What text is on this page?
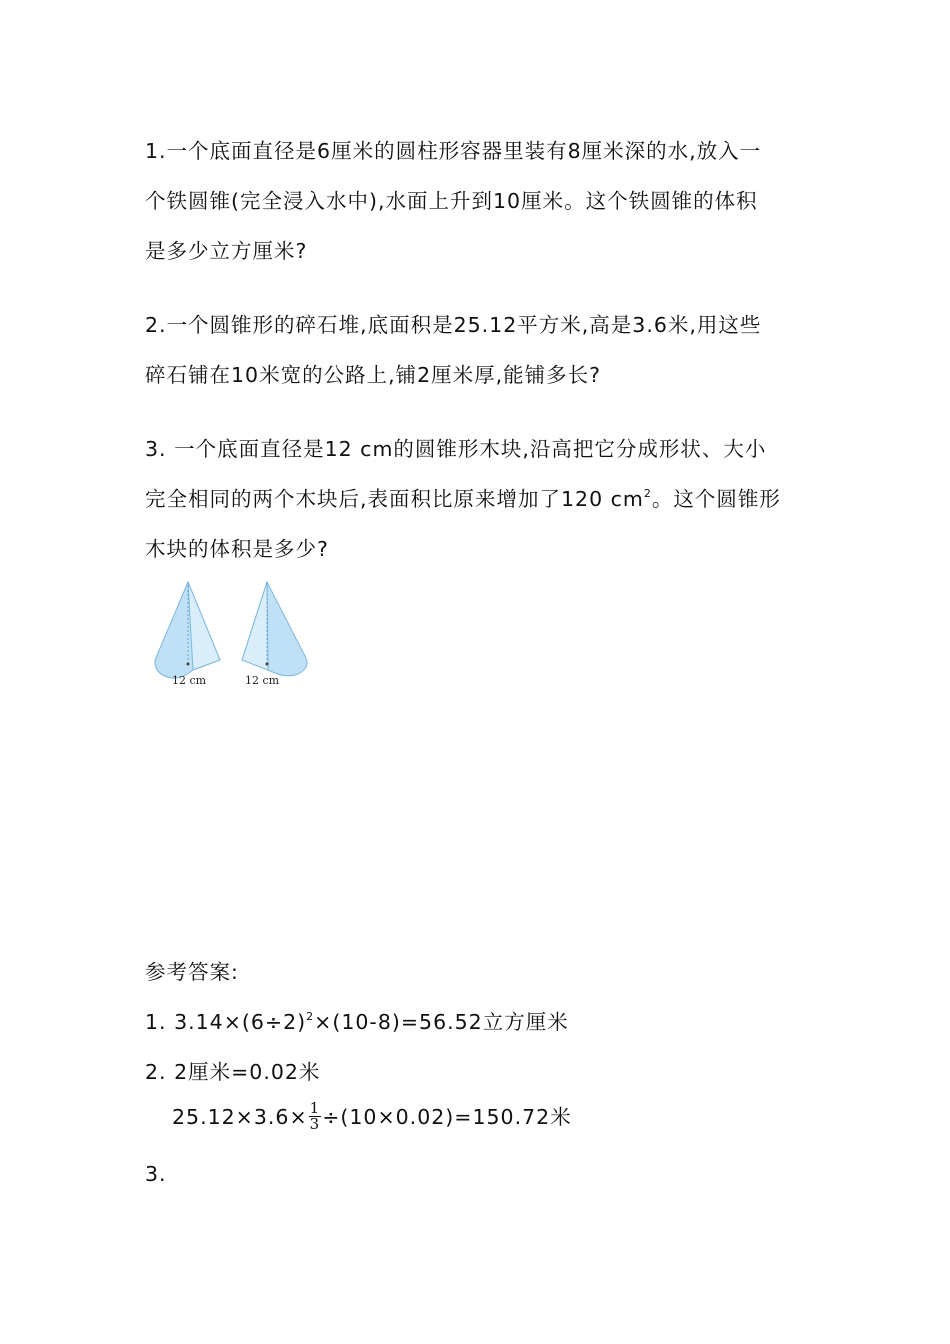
1.一个底面直径是6厘米的圆柱形容器里装有8厘米深的水,放入一
个铁圆锥(完全浸入水中),水面上升到10厘米。这个铁圆锥的体积
是多少立方厘米?
2.一个圆锥形的碎石堆,底面积是25.12平方米,高是3.6米,用这些
碎石铺在10米宽的公路上,铺2厘米厚,能铺多长?
3. 一个底面直径是12 cm的圆锥形木块,沿高把它分成形状、大小
完全相同的两个木块后,表面积比原来增加了120 $cm^2$。这个圆锥形
木块的体积是多少?
12 cm	12 cm
参考答案:
1. $3.14\times(6\div 2)^2\times(10-8)=56.52$立方厘米
2. 2厘米=0.02米
$25.12\times 3.6\times \frac{1}{3} \div(10\times 0.02)=150.72$米
3.
